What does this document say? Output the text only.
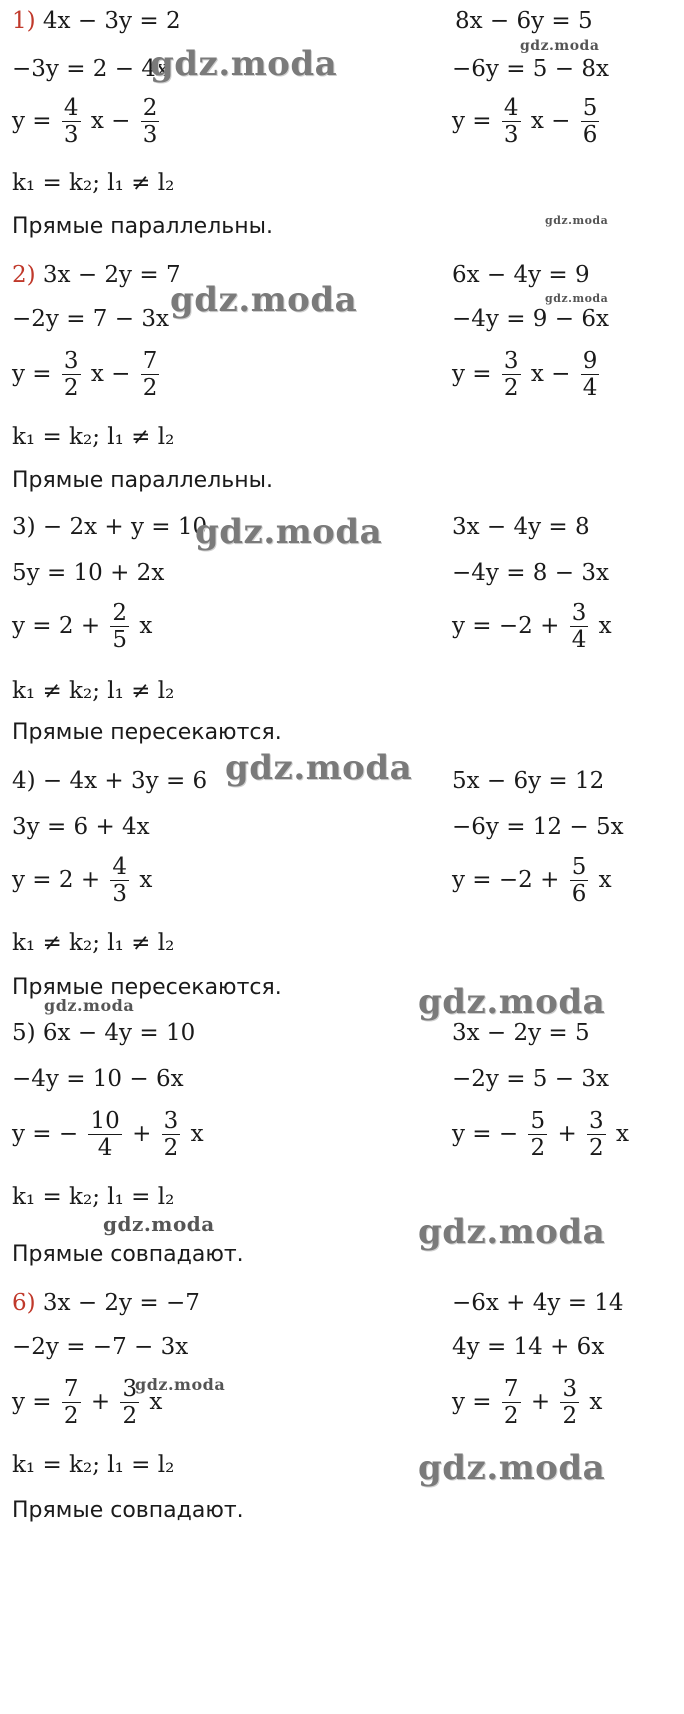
1) 4x − 3y = 2	8x − 6y = 5
−3y = 2 − 4x	−6y = 5 − 8x
$y = \frac{4}{3}$ $x - \frac{2}{3}$	$y = \frac{4}{3}$ $x - \frac{5}{6}$
k₁ = k₂; l₁ ≠ l₂
Прямые параллельны.
2) 3x − 2y = 7	6x − 4y = 9
−2y = 7 − 3x	−4y = 9 − 6x
$y = \frac{3}{2}$ $x - \frac{7}{2}$	$y = \frac{3}{2}$ $x - \frac{9}{4}$
k₁ = k₂; l₁ ≠ l₂
Прямые параллельны.
3) − 2x + y = 10	3x − 4y = 8
5y = 10 + 2x	−4y = 8 − 3x
$y = 2 + \frac{2}{5}$ x	$y = -2 + \frac{3}{4}$ x
k₁ ≠ k₂; l₁ ≠ l₂
Прямые пересекаются.
4) − 4x + 3y = 6	5x − 6y = 12
3y = 6 + 4x	−6y = 12 − 5x
$y = 2 + \frac{4}{3}$ x	$y = -2 + \frac{5}{6}$ x
k₁ ≠ k₂; l₁ ≠ l₂
Прямые пересекаются.
5) 6x − 4y = 10	3x − 2y = 5
−4y = 10 − 6x	−2y = 5 − 3x
y = − $\frac{10}{4} + \frac{3}{2}$ x	y = − $\frac{5}{2} + \frac{3}{2}$ x
k₁ = k₂; l₁ = l₂
Прямые совпадают.
6) 3x − 2y = −7	−6x + 4y = 14
−2y = −7 − 3x	4y = 14 + 6x
$y = \frac{7}{2} + \frac{3}{2}$ x	$y = \frac{7}{2} + \frac{3}{2}$ x
k₁ = k₂; l₁ = l₂
Прямые совпадают.
gdz.moda	gdz.moda
gdz.moda
gdz.moda	gdz.moda
gdz.moda
gdz.moda
gdz.moda
gdz.moda
gdz.moda	gdz.moda
gdz.moda
gdz.moda
